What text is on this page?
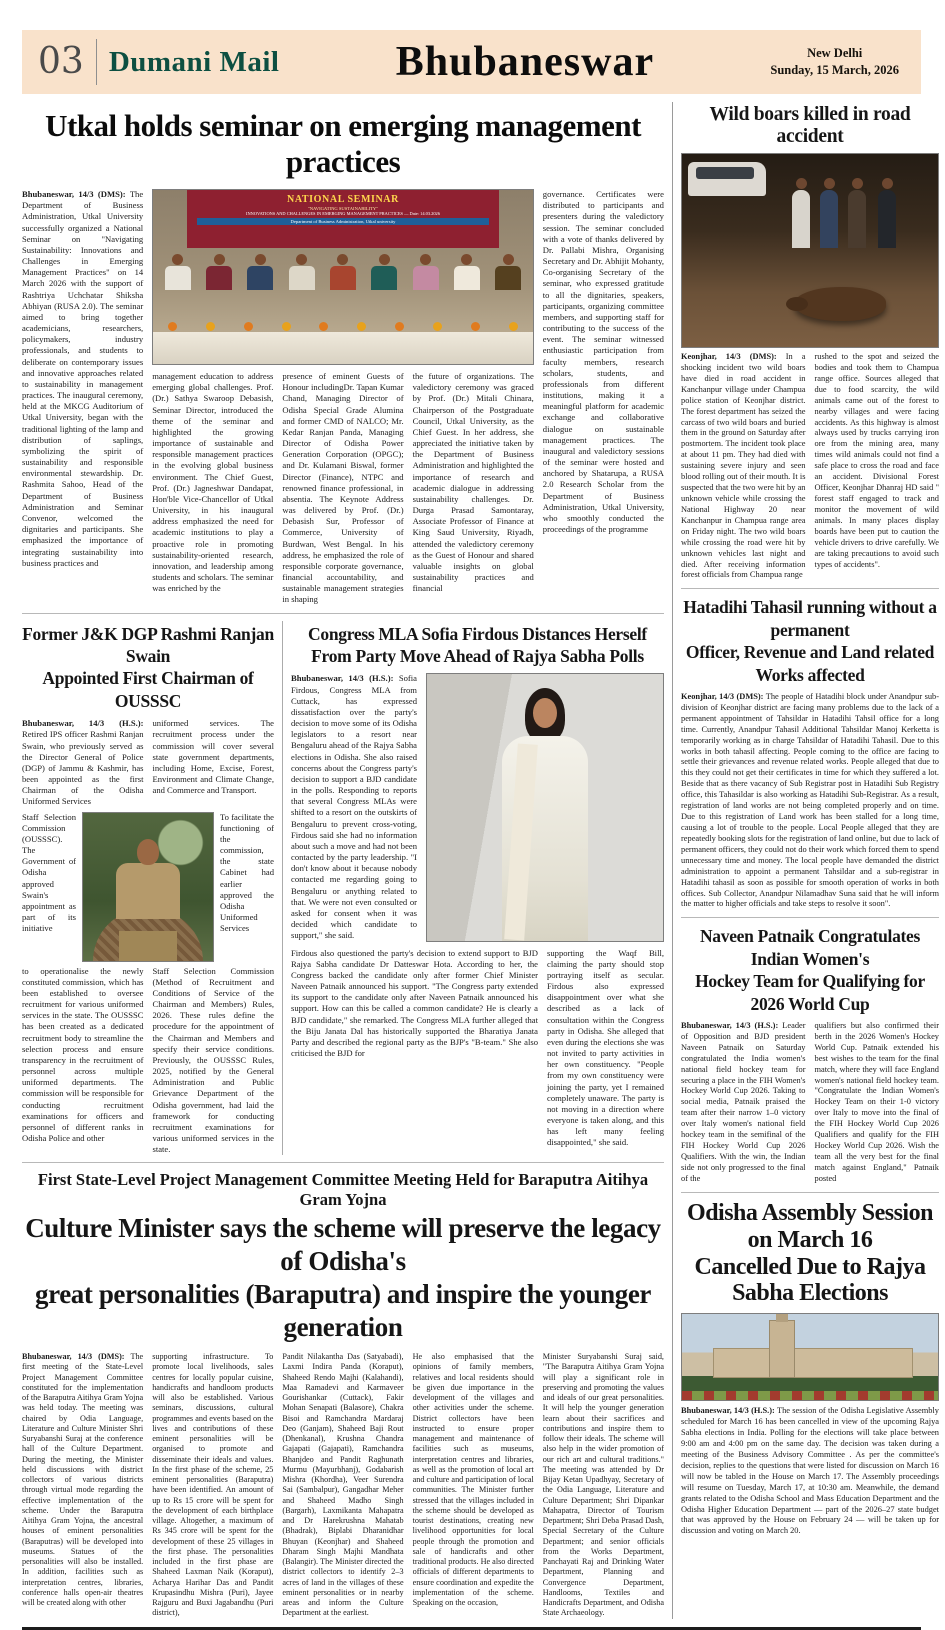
03 Dumani Mail	Bhubaneswar	New Delhi
Sunday, 15 March, 2026
Utkal holds seminar on emerging management practices

Bhubaneswar, 14/3 (DMS): The Department of Business Administration, Utkal University successfully organized a National Seminar on "Navigating Sustainability: Innovations and Challenges in Emerging Management Practices" on 14 March 2026 with the support of Rashtriya Uchchatar Shiksha Abhiyan (RUSA 2.0). The seminar aimed to bring together academicians, researchers, policymakers, industry professionals, and students to deliberate on contemporary issues and innovative approaches related to sustainability in management practices. The inaugural ceremony, held at the MKCG Auditorium of Utkal University, began with the traditional lighting of the lamp and distribution of saplings, symbolizing the spirit of sustainability and responsible environmental stewardship. Dr. Rashmita Sahoo, Head of the Department of Business Administration and Seminar Convenor, welcomed the dignitaries and participants. She emphasized the importance of integrating sustainability into business practices and

NATIONAL SEMINAR
"NAVIGATING SUSTAINABILITY"
INNOVATIONS AND CHALLENGES IN EMERGING MANAGEMENT PRACTICES — Date: 14.03.2026
Department of Business Administration, Utkal university

management education to address emerging global challenges. Prof. (Dr.) Sathya Swaroop Debasish, Seminar Director, introduced the theme of the seminar and highlighted the growing importance of sustainable and responsible management practices in the evolving global business environment. The Chief Guest, Prof. (Dr.) Jagneshwar Dandapat, Hon'ble Vice-Chancellor of Utkal University, in his inaugural address emphasized the need for academic institutions to play a proactive role in promoting sustainability-oriented research, innovation, and leadership among students and scholars. The seminar was enriched by the

presence of eminent Guests of Honour includingDr. Tapan Kumar Chand, Managing Director of Odisha Special Grade Alumina and former CMD of NALCO; Mr. Kedar Ranjan Panda, Managing Director of Odisha Power Generation Corporation (OPGC); and Dr. Kulamani Biswal, former Director (Finance), NTPC and renowned finance professional, in absentia. The Keynote Address was delivered by Prof. (Dr.) Debasish Sur, Professor of Commerce, University of Burdwan, West Bengal. In his address, he emphasized the role of responsible corporate governance, financial accountability, and sustainable management strategies in shaping

the future of organizations. The valedictory ceremony was graced by Prof. (Dr.) Mitali Chinara, Chairperson of the Postgraduate Council, Utkal University, as the Chief Guest. In her address, she appreciated the initiative taken by the Department of Business Administration and highlighted the importance of research and academic dialogue in addressing sustainability challenges. Dr. Durga Prasad Samontaray, Associate Professor of Finance at King Saud University, Riyadh, attended the valedictory ceremony as the Guest of Honour and shared valuable insights on global sustainability practices and financial

governance. Certificates were distributed to participants and presenters during the valedictory session. The seminar concluded with a vote of thanks delivered by Dr. Pallabi Mishra, Organising Secretary and Dr. Abhijit Mohanty, Co-organising Secretary of the seminar, who expressed gratitude to all the dignitaries, speakers, participants, organizing committee members, and supporting staff for contributing to the success of the event. The seminar witnessed enthusiastic participation from faculty members, research scholars, students, and professionals from different institutions, making it a meaningful platform for academic exchange and collaborative dialogue on sustainable management practices. The inaugural and valedictory sessions of the seminar were hosted and anchored by Shatarupa, a RUSA 2.0 Research Scholar from the Department of Business Administration, Utkal University, who smoothly conducted the proceedings of the programme

Former J&K DGP Rashmi Ranjan Swain
Appointed First Chairman of OUSSSC

Bhubaneswar, 14/3 (H.S.): Retired IPS officer Rashmi Ranjan Swain, who previously served as the Director General of Police (DGP) of Jammu & Kashmir, has been appointed as the first Chairman of the Odisha Uniformed Services

uniformed services. The recruitment process under the commission will cover several state government departments, including Home, Excise, Forest, Environment and Climate Change, and Commerce and Transport.

Staff Selection Commission (OUSSSC). The Government of Odisha approved Swain's appointment as part of its initiative

To facilitate the functioning of the commission, the state Cabinet had earlier approved the Odisha Uniformed Services

to operationalise the newly constituted commission, which has been established to oversee recruitment for various uniformed services in the state. The OUSSSC has been created as a dedicated recruitment body to streamline the selection process and ensure transparency in the recruitment of personnel across multiple uniformed departments. The commission will be responsible for conducting recruitment examinations for officers and personnel of different ranks in Odisha Police and other

Staff Selection Commission (Method of Recruitment and Conditions of Service of the Chairman and Members) Rules, 2026. These rules define the procedure for the appointment of the Chairman and Members and specify their service conditions. Previously, the OUSSSC Rules, 2025, notified by the General Administration and Public Grievance Department of the Odisha government, had laid the framework for conducting recruitment examinations for various uniformed services in the state.

Congress MLA Sofia Firdous Distances Herself
From Party Move Ahead of Rajya Sabha Polls

Bhubaneswar, 14/3 (H.S.): Sofia Firdous, Congress MLA from Cuttack, has expressed dissatisfaction over the party's decision to move some of its Odisha legislators to a resort near Bengaluru ahead of the Rajya Sabha elections in Odisha. She also raised concerns about the Congress party's decision to support a BJD candidate in the polls. Responding to reports that several Congress MLAs were shifted to a resort on the outskirts of Bengaluru to prevent cross-voting, Firdous said she had no information about such a move and had not been contacted by the party leadership. "I don't know about it because nobody contacted me regarding going to Bengaluru or anything related to that. We were not even consulted or asked for consent when it was decided which candidate to support," she said.

Firdous also questioned the party's decision to extend support to BJD Rajya Sabha candidate Dr Datteswar Hota. According to her, the Congress backed the candidate only after former Chief Minister Naveen Patnaik announced his support. "The Congress party extended its support to the candidate only after Naveen Patnaik announced his support. How can this be called a common candidate? He is clearly a BJD candidate," she remarked. The Congress MLA further alleged that the Biju Janata Dal has historically supported the Bharatiya Janata Party and described the regional party as the BJP's "B-team." She also criticised the BJD for

supporting the Waqf Bill, claiming the party should stop portraying itself as secular. Firdous also expressed disappointment over what she described as a lack of consultation within the Congress party in Odisha. She alleged that even during the elections she was not invited to party activities in her own constituency. "People from my own constituency were joining the party, yet I remained completely unaware. The party is not moving in a direction where everyone is taken along, and this has left many feeling disappointed," she said.

First State-Level Project Management Committee Meeting Held for Baraputra Aitihya Gram Yojna
Culture Minister says the scheme will preserve the legacy of Odisha's
great personalities (Baraputra) and inspire the younger generation

Bhubaneswar, 14/3 (DMS): The first meeting of the State-Level Project Management Committee constituted for the implementation of the Baraputra Aitihya Gram Yojna was held today. The meeting was chaired by Odia Language, Literature and Culture Minister Shri Suryabanshi Suraj at the conference hall of the Culture Department. During the meeting, the Minister held discussions with district collectors of various districts through virtual mode regarding the effective implementation of the scheme. Under the Baraputra Aitihya Gram Yojna, the ancestral houses of eminent personalities (Baraputras) will be developed into museums. Statues of the personalities will also be installed. In addition, facilities such as interpretation centres, libraries, conference halls open-air theatres will be created along with other

supporting infrastructure. To promote local livelihoods, sales centres for locally popular cuisine, handicrafts and handloom products will also be established. Various seminars, discussions, cultural programmes and events based on the lives and contributions of these eminent personalities will be organised to promote and disseminate their ideals and values. In the first phase of the scheme, 25 eminent personalities (Baraputra) have been identified. An amount of up to Rs 15 crore will be spent for the development of each birthplace village. Altogether, a maximum of Rs 345 crore will be spent for the development of these 25 villages in the first phase. The personalities included in the first phase are Shaheed Laxman Naik (Koraput), Acharya Harihar Das and Pandit Krupasindhu Mishra (Puri), Jayee Rajguru and Buxi Jagabandhu (Puri district),

Pandit Nilakantha Das (Satyabadi), Laxmi Indira Panda (Koraput), Shaheed Rendo Majhi (Kalahandi), Maa Ramadevi and Karmaveer Gourishankar (Cuttack), Fakir Mohan Senapati (Balasore), Chakra Bisoi and Ramchandra Mardaraj Deo (Ganjam), Shaheed Baji Rout (Dhenkanal), Krushna Chandra Gajapati (Gajapati), Ramchandra Bhanjdeo and Pandit Raghunath Murmu (Mayurbhanj), Godabarish Mishra (Khordha), Veer Surendra Sai (Sambalpur), Gangadhar Meher and Shaheed Madho Singh (Bargarh), Laxmikanta Mahapatra and Dr Harekrushna Mahatab (Bhadrak), Biplabi Dharanidhar Bhuyan (Keonjhar) and Shaheed Dharam Singh Majhi Mandhata (Balangir). The Minister directed the district collectors to identify 2–3 acres of land in the villages of these eminent personalities or in nearby areas and inform the Culture Department at the earliest.

He also emphasised that the opinions of family members, relatives and local residents should be given due importance in the development of the villages and other activities under the scheme. District collectors have been instructed to ensure proper management and maintenance of facilities such as museums, interpretation centres and libraries, as well as the promotion of local art and culture and participation of local communities. The Minister further stressed that the villages included in the scheme should be developed as tourist destinations, creating new livelihood opportunities for local people through the promotion and sale of handicrafts and other traditional products. He also directed officials of different departments to ensure coordination and expedite the implementation of the scheme. Speaking on the occasion,

Minister Suryabanshi Suraj said, "The Baraputra Aitihya Gram Yojna will play a significant role in preserving and promoting the values and ideals of our great personalities. It will help the younger generation learn about their sacrifices and contributions and inspire them to follow their ideals. The scheme will also help in the wider promotion of our rich art and cultural traditions." The meeting was attended by Dr Bijay Ketan Upadhyay, Secretary of the Odia Language, Literature and Culture Department; Shri Dipankar Mahapatra, Director of Tourism Department; Shri Deba Prasad Dash, Special Secretary of the Culture Department; and senior officials from the Works Department, Panchayati Raj and Drinking Water Department, Planning and Convergence Department, Handlooms, Textiles and Handicrafts Department, and Odisha State Archaeology.

Wild boars killed in road accident

Keonjhar, 14/3 (DMS): In a shocking incident two wild boars have died in road accident in Kanchanpur village under Champua police station of Keonjhar district. The forest department has seized the carcass of two wild boars and buried them in the ground on Saturday after postmortem. The incident took place at about 11 pm. They had died with sustaining severe injury and seen blood rolling out of their mouth. It is suspected that the two were hit by an unknown vehicle while crossing the National Highway 20 near Kanchanpur in Champua range area on Friday night. The two wild boars while crossing the road were hit by unknown vehicles last night and died. After receiving information forest officials from Champua range

rushed to the spot and seized the bodies and took them to Champua range office. Sources alleged that due to food scarcity, the wild animals came out of the forest to nearby villages and were facing accidents. As this highway is almost always used by trucks carrying iron ore from the mining area, many times wild animals could not find a safe place to cross the road and face an accident. Divisional Forest Officer, Keonjhar Dhanraj HD said " forest staff engaged to track and monitor the movement of wild animals. In many places display boards have been put to caution the vehicle drivers to drive carefully. We are taking precautions to avoid such types of accidents".

Hatadihi Tahasil running without a permanent
Officer, Revenue and Land related Works affected

Keonjhar, 14/3 (DMS): The people of Hatadihi block under Anandpur sub-division of Keonjhar district are facing many problems due to the lack of a permanent appointment of Tahsildar in Hatadihi Tahsil office for a long time. Currently, Anandpur Tahasil Additional Tahsildar Manoj Kerketta is temporarily working as in charge Tahsildar of Hatadihi Tahasil. Due to this works in both tahasil affecting. People coming to the office are facing to settle their grievances and revenue related works. People alleged that due to this they could not get their certificates in time for which they suffered a lot. Beside that as there vacancy of Sub Registrar post in Hatadihi Sub Registry office, this Tahasildar is also working as Hatadihi Sub-Registrar. As a result, registration of land works are not being completed properly and on time. Due to this registration of Land work has been stalled for a long time, causing a lot of trouble to the people. Local People alleged that they are repeatedly booking slots for the registration of land online, but due to lack of permanent officers, they could not do their work which forced them to spend unnecessary time and money. The local people have demanded the district administration to appoint a permanent Tahsildar and a sub-registrar in Hatadihi tahasil as soon as possible for smooth operation of works in both offices. Sub Collector, Anandpur Nilamadhav Suna said that he will inform the matter to higher officials and take steps to resolve it soon".

Naveen Patnaik Congratulates Indian Women's
Hockey Team for Qualifying for 2026 World Cup

Bhubaneswar, 14/3 (H.S.): Leader of Opposition and BJD president Naveen Patnaik on Saturday congratulated the India women's national field hockey team for securing a place in the FIH Women's Hockey World Cup 2026. Taking to social media, Patnaik praised the team after their narrow 1–0 victory over Italy women's national field hockey team in the semifinal of the FIH Hockey World Cup 2026 Qualifiers. With the win, the Indian side not only progressed to the final of the

qualifiers but also confirmed their berth in the 2026 Women's Hockey World Cup. Patnaik extended his best wishes to the team for the final match, where they will face England women's national field hockey team. "Congratulate the Indian Women's Hockey Team on their 1-0 victory over Italy to move into the final of the FIH Hockey World Cup 2026 Qualifiers and qualify for the FIH Hockey World Cup 2026. Wish the team all the very best for the final match against England," Patnaik posted

Odisha Assembly Session on March 16
Cancelled Due to Rajya Sabha Elections

Bhubaneswar, 14/3 (H.S.): The session of the Odisha Legislative Assembly scheduled for March 16 has been cancelled in view of the upcoming Rajya Sabha elections in India. Polling for the elections will take place between 9:00 am and 4:00 pm on the same day. The decision was taken during a meeting of the Business Advisory Committee . As per the committee's decision, replies to the questions that were listed for discussion on March 16 will now be tabled in the House on March 17. The Assembly proceedings will resume on Tuesday, March 17, at 10:30 am. Meanwhile, the demand grants related to the Odisha School and Mass Education Department and the Odisha Higher Education Department — part of the 2026–27 state budget that was approved by the House on February 24 — will be taken up for discussion and voting on March 20.
